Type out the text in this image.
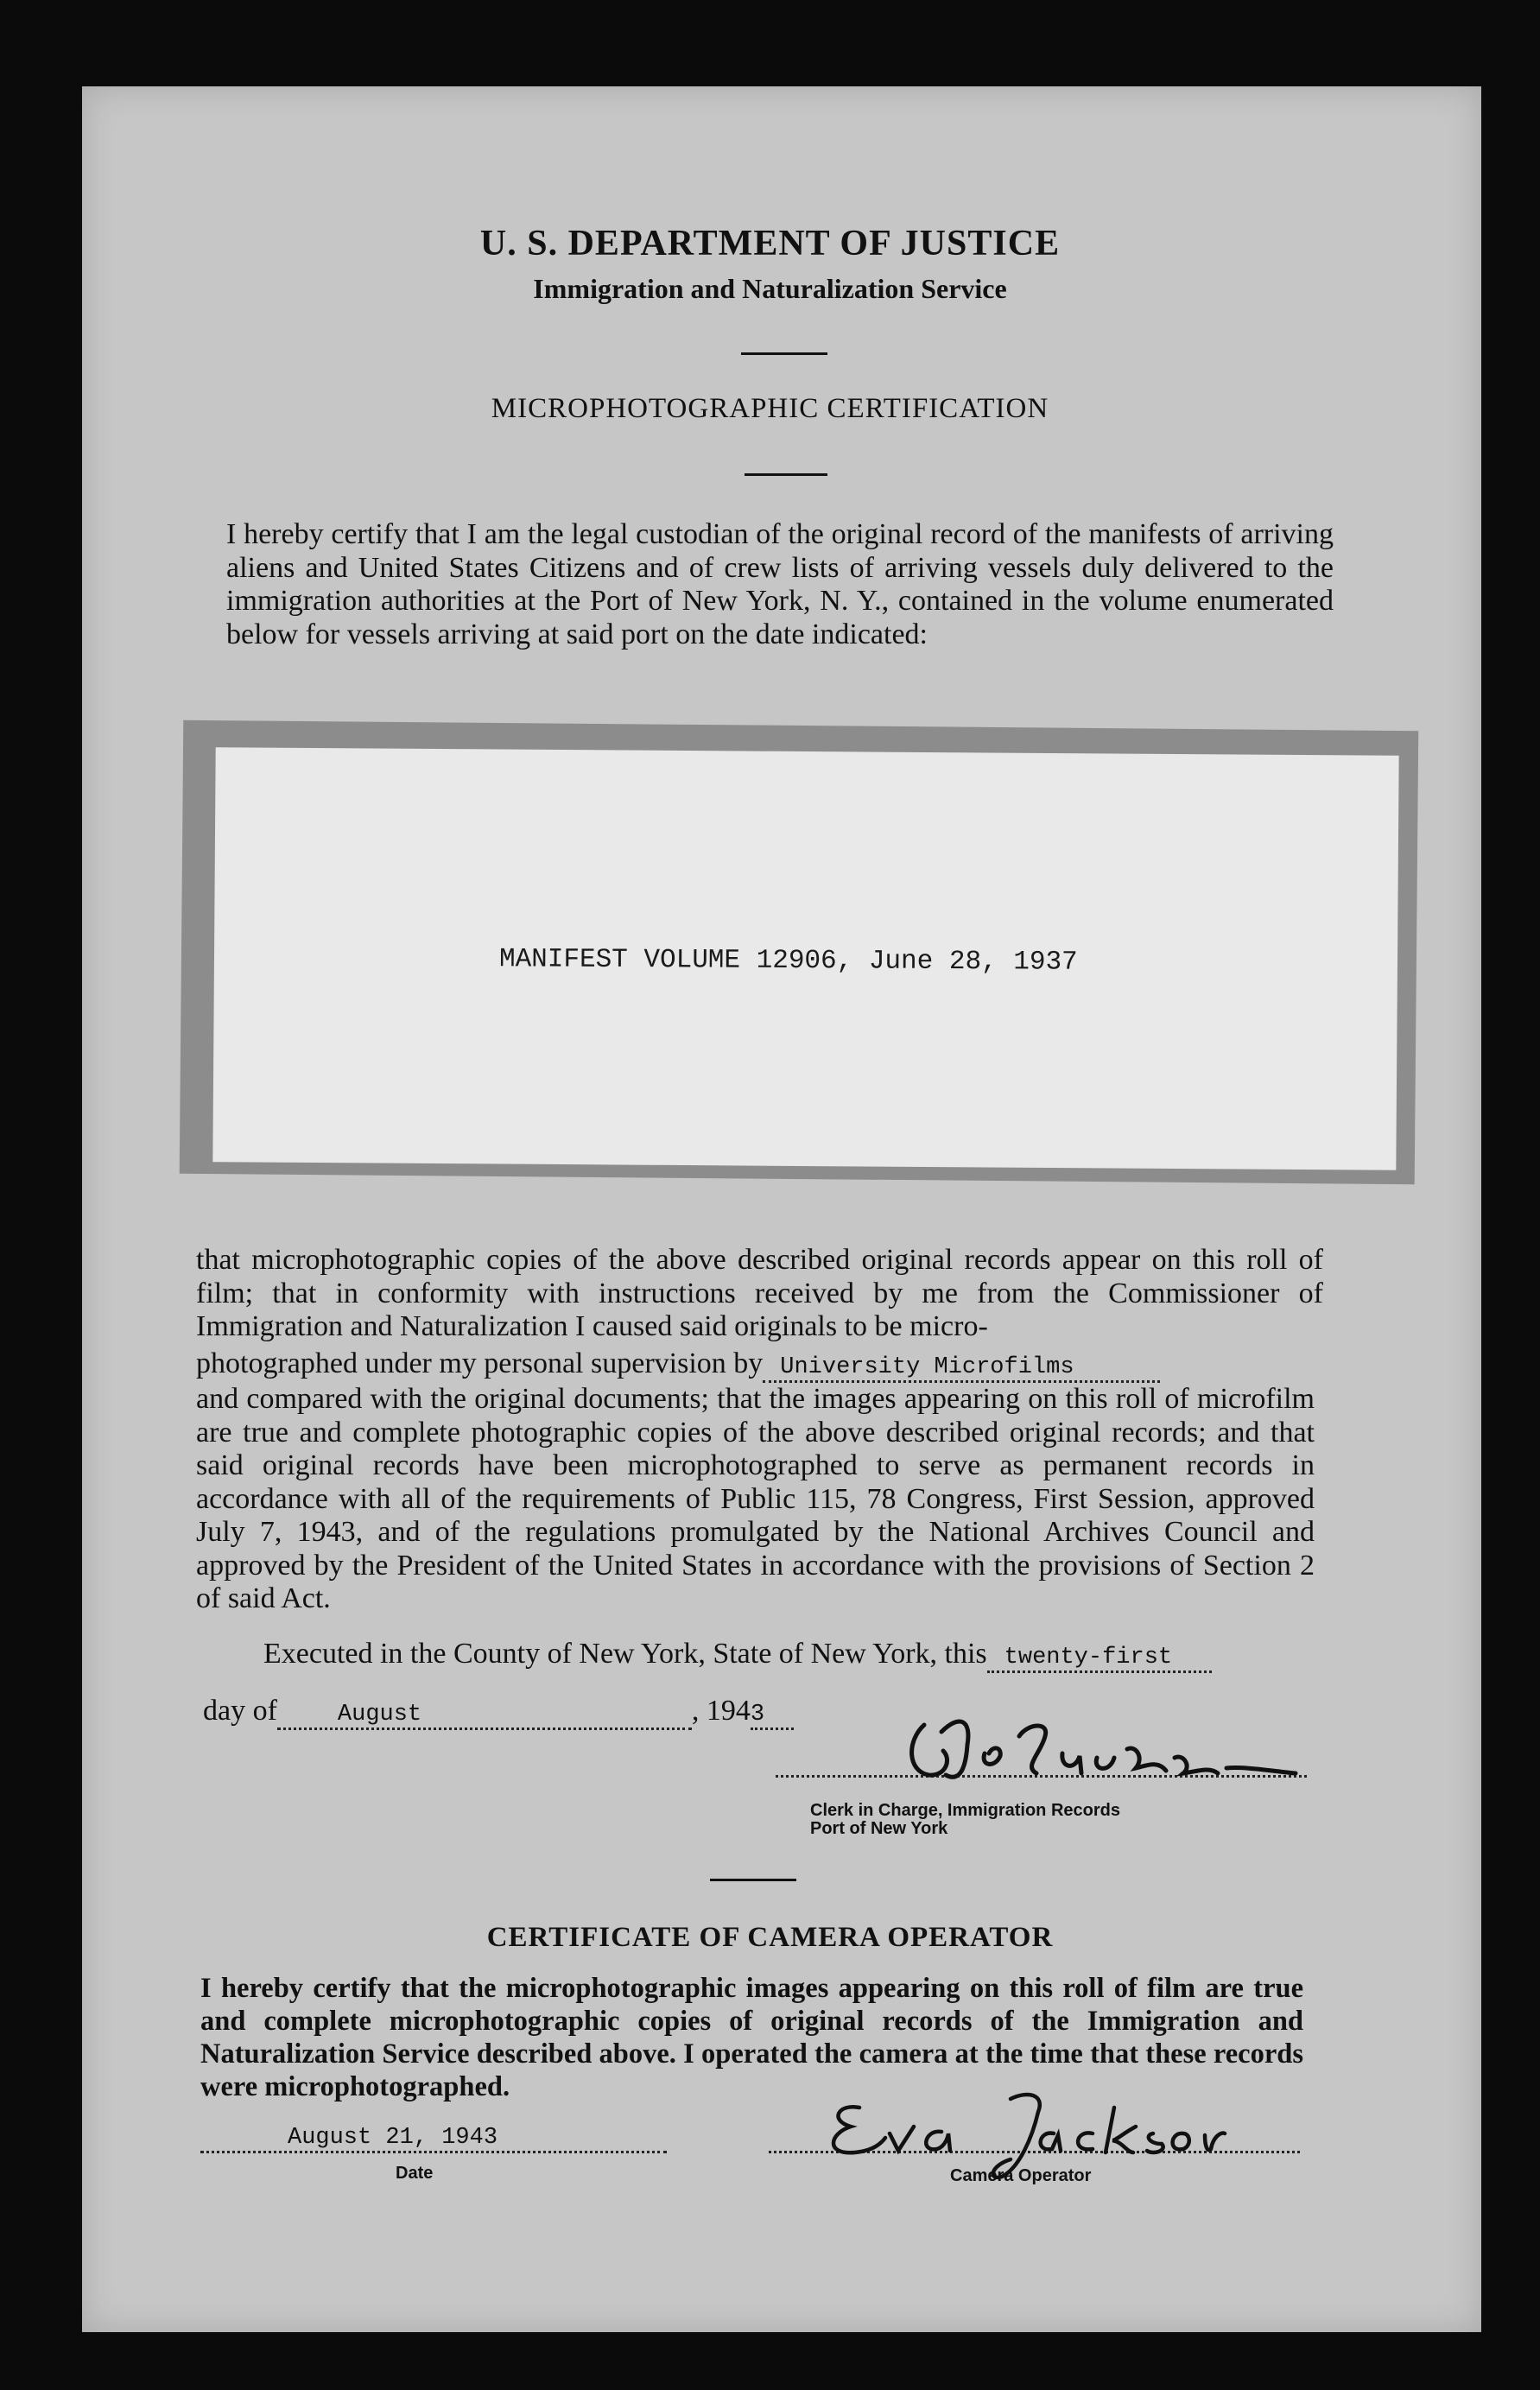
U. S. DEPARTMENT OF JUSTICE
Immigration and Naturalization Service
MICROPHOTOGRAPHIC CERTIFICATION
I hereby certify that I am the legal custodian of the original record of the manifests of arriving aliens and United States Citizens and of crew lists of arriving vessels duly delivered to the immigration authorities at the Port of New York, N. Y., contained in the volume enumerated below for vessels arriving at said port on the date indicated:
MANIFEST VOLUME 12906, June 28, 1937
that microphotographic copies of the above described original records appear on this roll of film; that in conformity with instructions received by me from the Commissioner of Immigration and Naturalization I caused said originals to be micro-
photographed under my personal supervision by University Microfilms
and compared with the original documents; that the images appearing on this roll of microfilm are true and complete photographic copies of the above described original records; and that said original records have been microphotographed to serve as permanent records in accordance with all of the requirements of Public 115, 78 Congress, First Session, approved July 7, 1943, and of the regulations promulgated by the National Archives Council and approved by the President of the United States in accordance with the provisions of Section 2 of said Act.
Executed in the County of New York, State of New York, this twenty-first
day of	August	, 1943
Clerk in Charge, Immigration Records
Port of New York
CERTIFICATE OF CAMERA OPERATOR
I hereby certify that the microphotographic images appearing on this roll of film are true and complete microphotographic copies of original records of the Immigration and Naturalization Service described above. I operated the camera at the time that these records were microphotographed.
August 21, 1943
Date	Camera Operator
